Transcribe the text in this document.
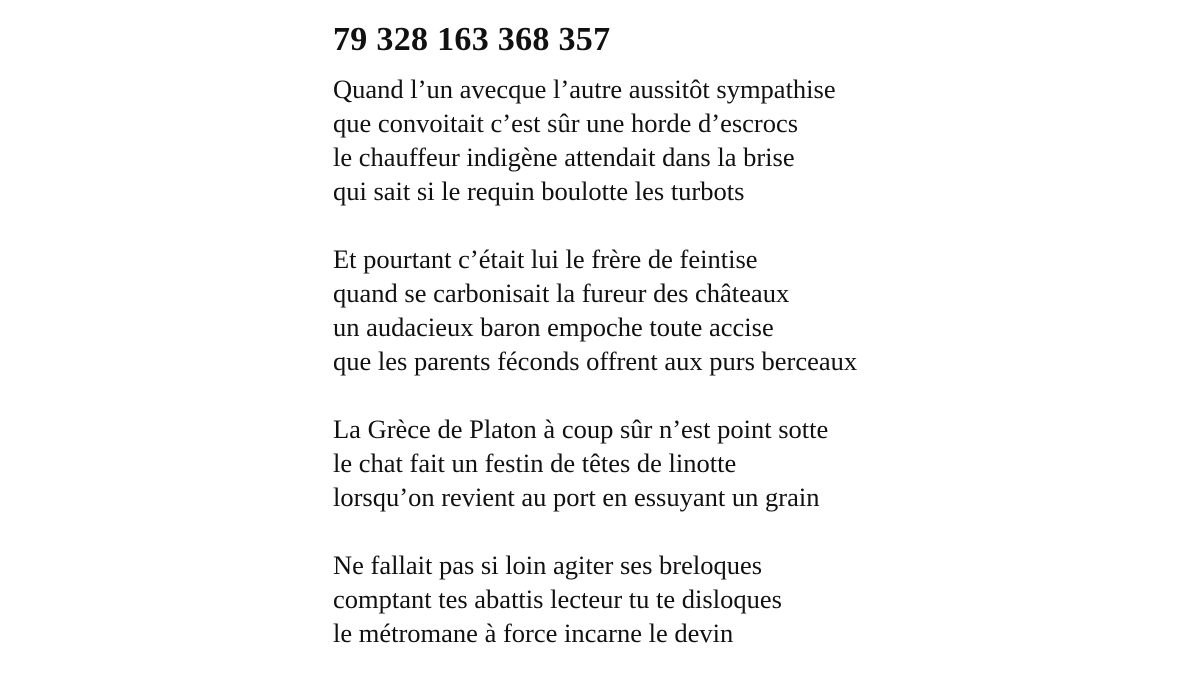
79 328 163 368 357
Quand l’un avecque l’autre aussitôt sympathise
que convoitait c’est sûr une horde d’escrocs
le chauffeur indigène attendait dans la brise
qui sait si le requin boulotte les turbots
Et pourtant c’était lui le frère de feintise
quand se carbonisait la fureur des châteaux
un audacieux baron empoche toute accise
que les parents féconds offrent aux purs berceaux
La Grèce de Platon à coup sûr n’est point sotte
le chat fait un festin de têtes de linotte
lorsqu’on revient au port en essuyant un grain
Ne fallait pas si loin agiter ses breloques
comptant tes abattis lecteur tu te disloques
le métromane à force incarne le devin
